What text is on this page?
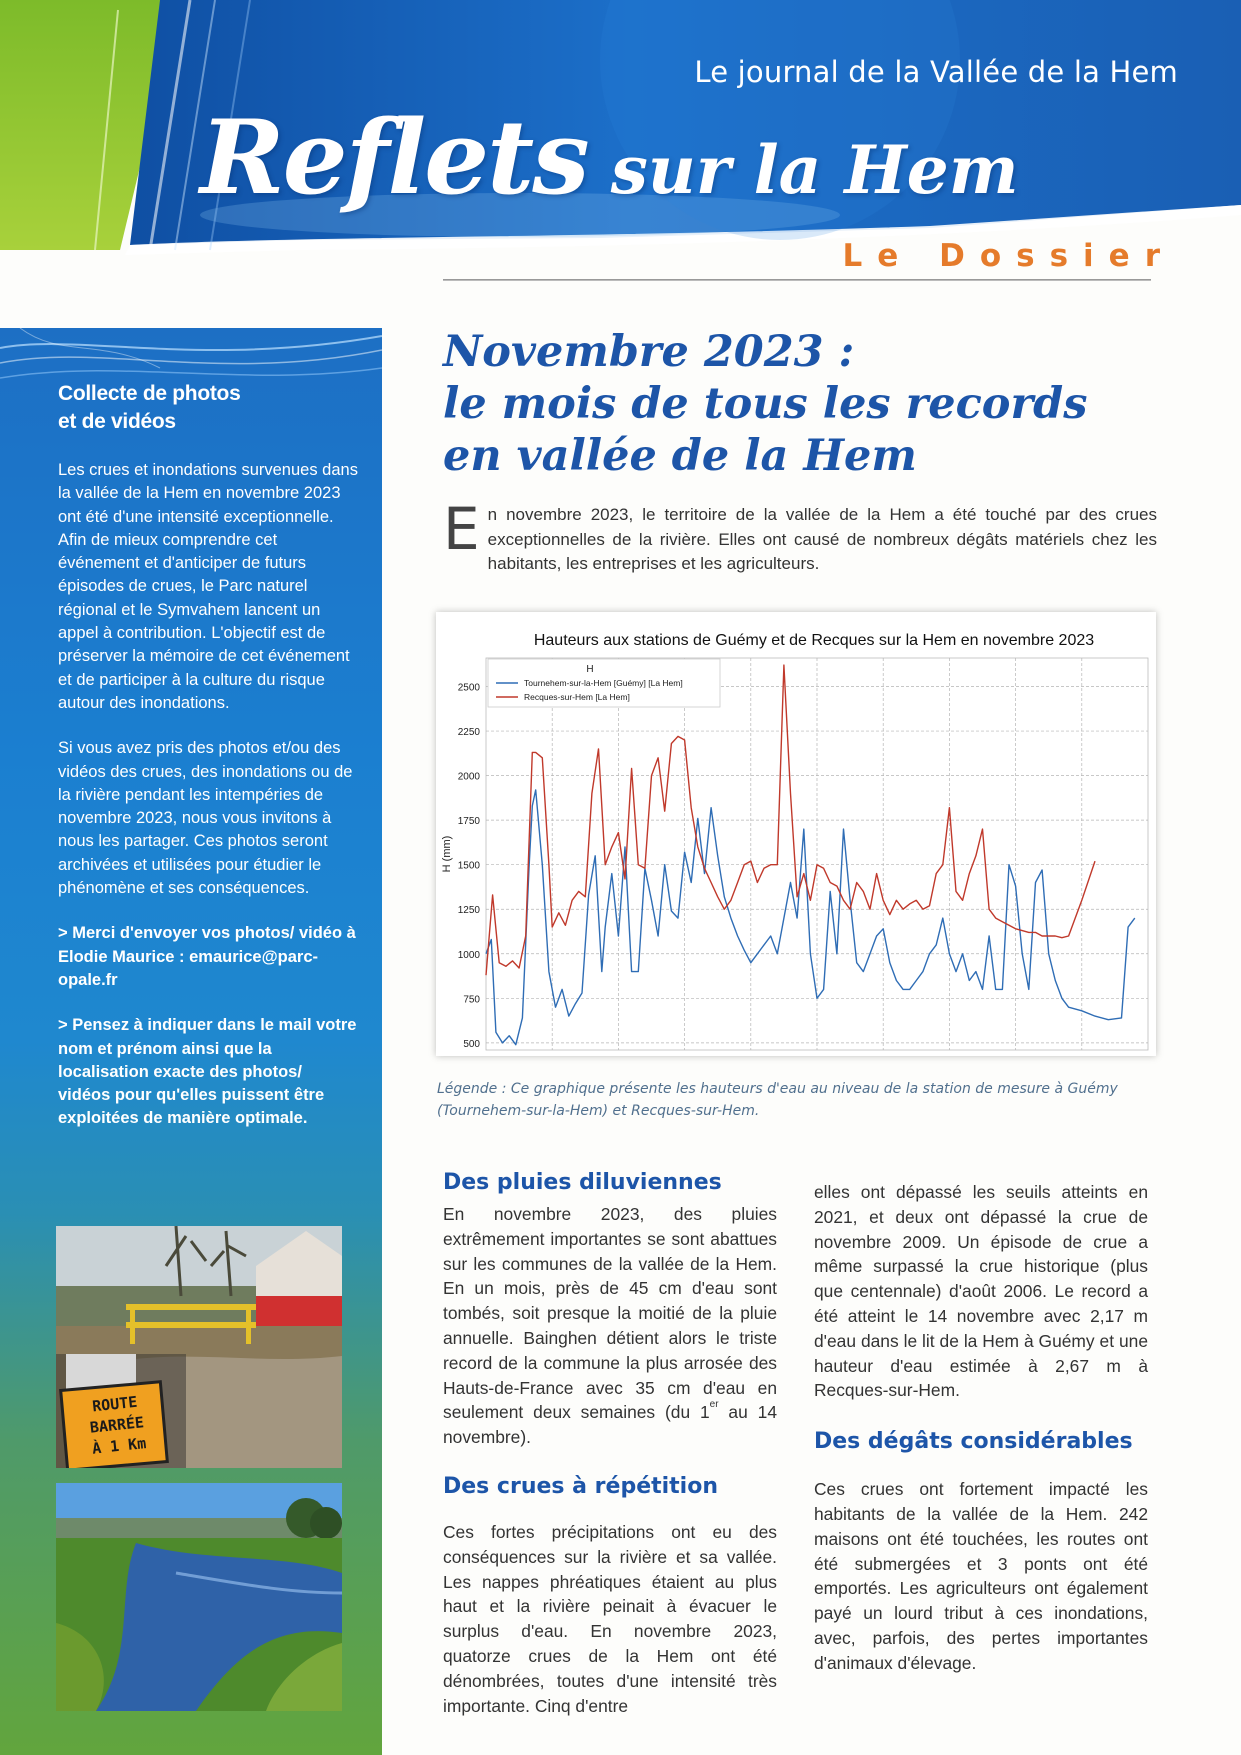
Le journal de la Vallée de la Hem
Reflets sur la Hem
Le Dossier
Collecte de photos
et de vidéos

Les crues et inondations survenues dans la vallée de la Hem en novembre 2023 ont été d'une intensité exceptionnelle. Afin de mieux comprendre cet événement et d'anticiper de futurs épisodes de crues, le Parc naturel régional et le Symvahem lancent un appel à contribution. L'objectif est de préserver la mémoire de cet événement et de participer à la culture du risque autour des inondations.

Si vous avez pris des photos et/ou des vidéos des crues, des inondations ou de la rivière pendant les intempéries de novembre 2023, nous vous invitons à nous les partager. Ces photos seront archivées et utilisées pour étudier le phénomène et ses conséquences.

> Merci d'envoyer vos photos/ vidéo à Elodie Maurice : emaurice@parc-opale.fr

> Pensez à indiquer dans le mail votre nom et prénom ainsi que la localisation exacte des photos/ vidéos pour qu'elles puissent être exploitées de manière optimale.

ROUTE
BARRÉE
À 1 Km
Novembre 2023 :
le mois de tous les records
en vallée de la Hem
En novembre 2023, le territoire de la vallée de la Hem a été touché par des crues exceptionnelles de la rivière. Elles ont causé de nombreux dégâts matériels chez les habitants, les entreprises et les agriculteurs.
Hauteurs aux stations de Guémy et de Recques sur la Hem en novembre 2023
500
750
1000
1250
1500
1750
2000
2250
2500
H (mm)
H
Tournehem-sur-la-Hem [Guémy] [La Hem]
Recques-sur-Hem [La Hem]
Légende : Ce graphique présente les hauteurs d'eau au niveau de la station de mesure à Guémy (Tournehem-sur-la-Hem) et Recques-sur-Hem.
Des pluies diluviennes

En novembre 2023, des pluies extrêmement importantes se sont abattues sur les communes de la vallée de la Hem. En un mois, près de 45 cm d'eau sont tombés, soit presque la moitié de la pluie annuelle. Bainghen détient alors le triste record de la commune la plus arrosée des Hauts-de-France avec 35 cm d'eau en seulement deux semaines (du 1er au 14 novembre).

Des crues à répétition

Ces fortes précipitations ont eu des conséquences sur la rivière et sa vallée. Les nappes phréatiques étaient au plus haut et la rivière peinait à évacuer le surplus d'eau. En novembre 2023, quatorze crues de la Hem ont été dénombrées, toutes d'une intensité très importante. Cinq d'entre

elles ont dépassé les seuils atteints en 2021, et deux ont dépassé la crue de novembre 2009. Un épisode de crue a même surpassé la crue historique (plus que centennale) d'août 2006. Le record a été atteint le 14 novembre avec 2,17 m d'eau dans le lit de la Hem à Guémy et une hauteur d'eau estimée à 2,67 m à Recques-sur-Hem.

Des dégâts considérables

Ces crues ont fortement impacté les habitants de la vallée de la Hem. 242 maisons ont été touchées, les routes ont été submergées et 3 ponts ont été emportés. Les agriculteurs ont également payé un lourd tribut à ces inondations, avec, parfois, des pertes importantes d'animaux d'élevage.
